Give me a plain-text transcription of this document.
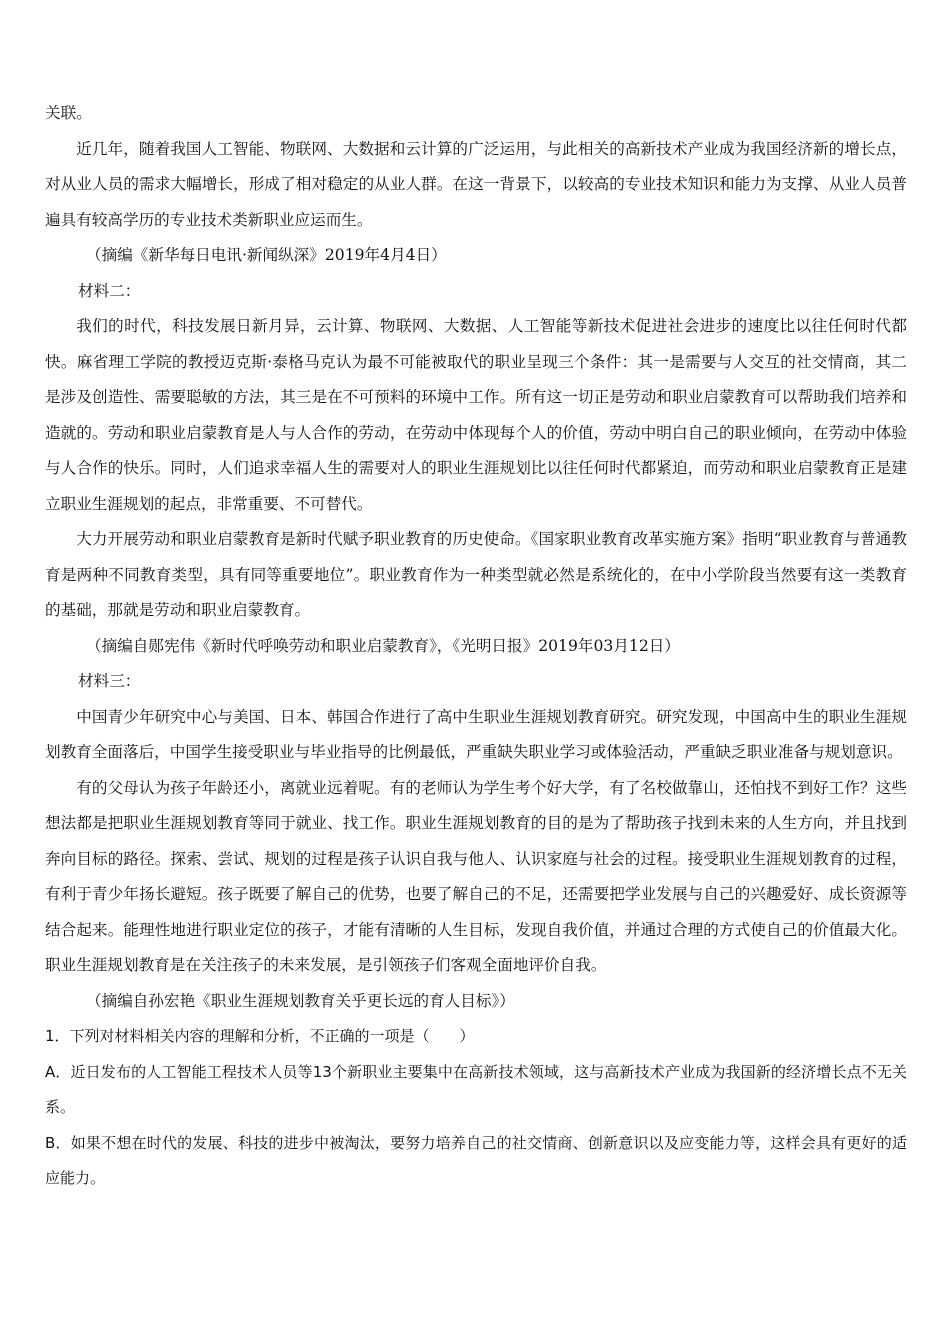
关联。

近几年，随着我国人工智能、物联网、大数据和云计算的广泛运用，与此相关的高新技术产业成为我国经济新的增长点，对从业人员的需求大幅增长，形成了相对稳定的从业人群。在这一背景下，以较高的专业技术知识和能力为支撑、从业人员普遍具有较高学历的专业技术类新职业应运而生。

（摘编《新华每日电讯·新闻纵深》2019年4月4日）

材料二：

我们的时代，科技发展日新月异，云计算、物联网、大数据、人工智能等新技术促进社会进步的速度比以往任何时代都快。麻省理工学院的教授迈克斯·泰格马克认为最不可能被取代的职业呈现三个条件：其一是需要与人交互的社交情商，其二是涉及创造性、需要聪敏的方法，其三是在不可预料的环境中工作。所有这一切正是劳动和职业启蒙教育可以帮助我们培养和造就的。劳动和职业启蒙教育是人与人合作的劳动，在劳动中体现每个人的价值，劳动中明白自己的职业倾向，在劳动中体验与人合作的快乐。同时，人们追求幸福人生的需要对人的职业生涯规划比以往任何时代都紧迫，而劳动和职业启蒙教育正是建立职业生涯规划的起点，非常重要、不可替代。

大力开展劳动和职业启蒙教育是新时代赋予职业教育的历史使命。《国家职业教育改革实施方案》指明“职业教育与普通教育是两种不同教育类型，具有同等重要地位”。职业教育作为一种类型就必然是系统化的，在中小学阶段当然要有这一类教育的基础，那就是劳动和职业启蒙教育。

（摘编自郧宪伟《新时代呼唤劳动和职业启蒙教育》，《光明日报》2019年03月12日）

材料三：

中国青少年研究中心与美国、日本、韩国合作进行了高中生职业生涯规划教育研究。研究发现，中国高中生的职业生涯规划教育全面落后，中国学生接受职业与毕业指导的比例最低，严重缺失职业学习或体验活动，严重缺乏职业准备与规划意识。

有的父母认为孩子年龄还小，离就业远着呢。有的老师认为学生考个好大学，有了名校做靠山，还怕找不到好工作？这些想法都是把职业生涯规划教育等同于就业、找工作。职业生涯规划教育的目的是为了帮助孩子找到未来的人生方向，并且找到奔向目标的路径。探索、尝试、规划的过程是孩子认识自我与他人、认识家庭与社会的过程。接受职业生涯规划教育的过程，有利于青少年扬长避短。孩子既要了解自己的优势，也要了解自己的不足，还需要把学业发展与自己的兴趣爱好、成长资源等结合起来。能理性地进行职业定位的孩子，才能有清晰的人生目标，发现自我价值，并通过合理的方式使自己的价值最大化。职业生涯规划教育是在关注孩子的未来发展，是引领孩子们客观全面地评价自我。

（摘编自孙宏艳《职业生涯规划教育关乎更长远的育人目标》）

1．下列对材料相关内容的理解和分析，不正确的一项是（　　）

A．近日发布的人工智能工程技术人员等13个新职业主要集中在高新技术领域，这与高新技术产业成为我国新的经济增长点不无关系。

B．如果不想在时代的发展、科技的进步中被淘汰，要努力培养自己的社交情商、创新意识以及应变能力等，这样会具有更好的适应能力。
